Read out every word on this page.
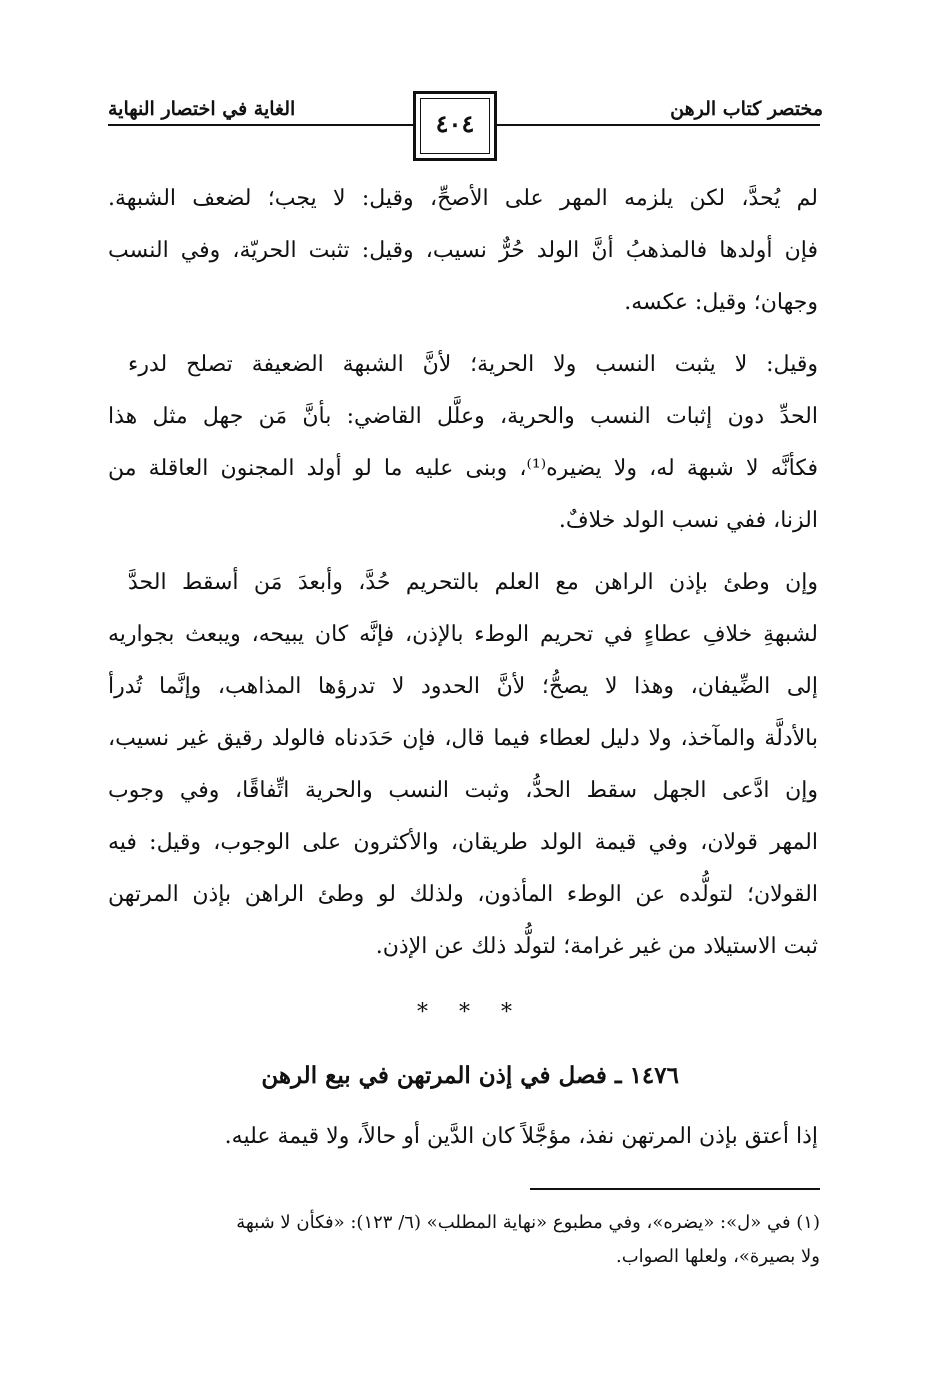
مختصر كتاب الرهن
الغاية في اختصار النهاية	٤٠٤
لم يُحدَّ، لكن يلزمه المهر على الأصحِّ، وقيل: لا يجب؛ لضعف الشبهة.
فإن أولدها فالمذهبُ أنَّ الولد حُرٌّ نسيب، وقيل: تثبت الحريّة، وفي النسب
وجهان؛ وقيل: عكسه.
وقيل: لا يثبت النسب ولا الحرية؛ لأنَّ الشبهة الضعيفة تصلح لدرء
الحدِّ دون إثبات النسب والحرية، وعلَّل القاضي: بأنَّ مَن جهل مثل هذا
فكأنَّه لا شبهة له، ولا يضيره⁽¹⁾، وبنى عليه ما لو أولد المجنون العاقلة من
الزنا، ففي نسب الولد خلافٌ.
وإن وطئ بإذن الراهن مع العلم بالتحريم حُدَّ، وأبعدَ مَن أسقط الحدَّ
لشبهةِ خلافِ عطاءٍ في تحريم الوطء بالإذن، فإنَّه كان يبيحه، ويبعث بجواريه
إلى الضِّيفان، وهذا لا يصحُّ؛ لأنَّ الحدود لا تدرؤها المذاهب، وإنَّما تُدرأ
بالأدلَّة والمآخذ، ولا دليل لعطاء فيما قال، فإن حَدَدناه فالولد رقيق غير نسيب،
وإن ادَّعى الجهل سقط الحدُّ، وثبت النسب والحرية اتِّفاقًا، وفي وجوب
المهر قولان، وفي قيمة الولد طريقان، والأكثرون على الوجوب، وقيل: فيه
القولان؛ لتولُّده عن الوطء المأذون، ولذلك لو وطئ الراهن بإذن المرتهن
ثبت الاستيلاد من غير غرامة؛ لتولُّد ذلك عن الإذن.
* * *
١٤٧٦ ـ فصل في إذن المرتهن في بيع الرهن
إذا أعتق بإذن المرتهن نفذ، مؤجَّلاً كان الدَّين أو حالاً، ولا قيمة عليه.
(١) في «ل»: «يضره»، وفي مطبوع «نهاية المطلب» (٦/ ١٢٣): «فكأن لا شبهة
ولا بصيرة»، ولعلها الصواب.
